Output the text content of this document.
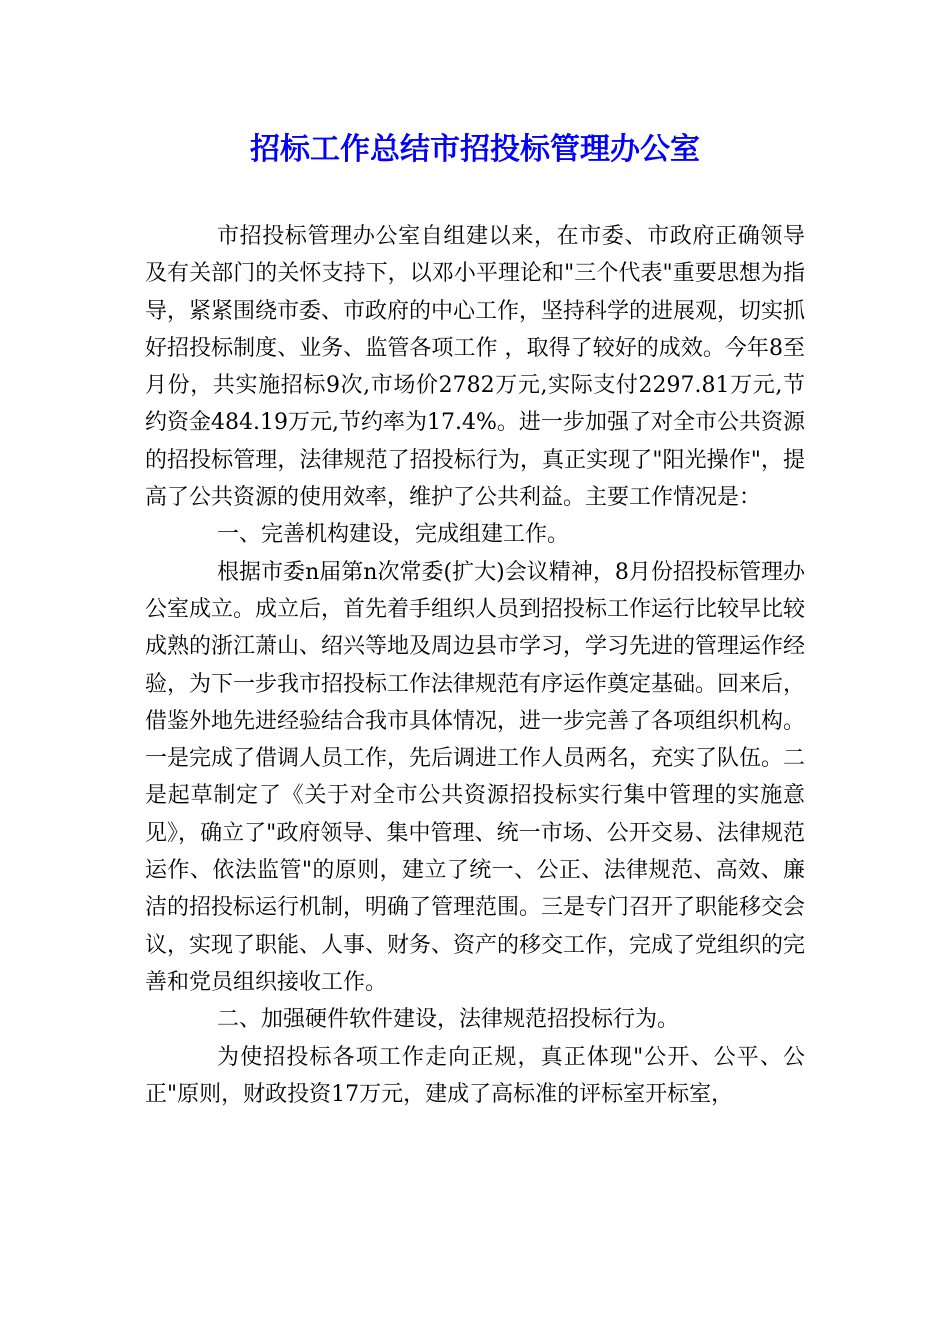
招标工作总结市招投标管理办公室

市招投标管理办公室自组建以来，在市委、市政府正确领导及有关部门的关怀支持下，以邓小平理论和"三个代表"重要思想为指导，紧紧围绕市委、市政府的中心工作，坚持科学的进展观，切实抓好招投标制度、业务、监管各项工作 ，取得了较好的成效。今年8至月份，共实施招标9次,市场价2782万元,实际支付2297.81万元,节约资金484.19万元,节约率为17.4%。进一步加强了对全市公共资源的招投标管理，法律规范了招投标行为，真正实现了"阳光操作"，提高了公共资源的使用效率，维护了公共利益。主要工作情况是：

一、完善机构建设，完成组建工作。

根据市委n届第n次常委(扩大)会议精神，8月份招投标管理办公室成立。成立后，首先着手组织人员到招投标工作运行比较早比较成熟的浙江萧山、绍兴等地及周边县市学习，学习先进的管理运作经验，为下一步我市招投标工作法律规范有序运作奠定基础。回来后，借鉴外地先进经验结合我市具体情况，进一步完善了各项组织机构。一是完成了借调人员工作，先后调进工作人员两名，充实了队伍。二是起草制定了《关于对全市公共资源招投标实行集中管理的实施意见》，确立了"政府领导、集中管理、统一市场、公开交易、法律规范运作、依法监管"的原则，建立了统一、公正、法律规范、高效、廉洁的招投标运行机制，明确了管理范围。三是专门召开了职能移交会议，实现了职能、人事、财务、资产的移交工作，完成了党组织的完善和党员组织接收工作。

二、加强硬件软件建设，法律规范招投标行为。

为使招投标各项工作走向正规，真正体现"公开、公平、公正"原则，财政投资17万元，建成了高标准的评标室开标室，
